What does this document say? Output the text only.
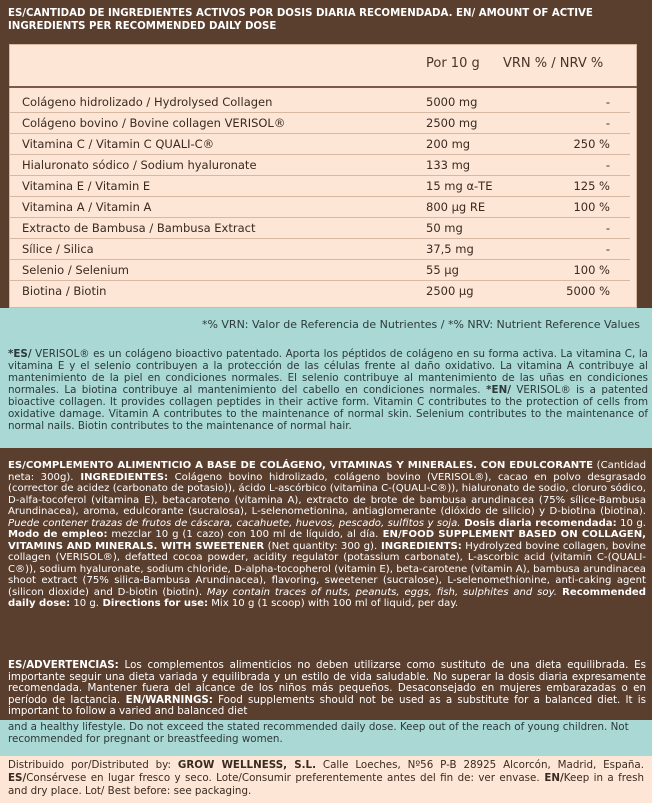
ES/CANTIDAD DE INGREDIENTES ACTIVOS POR DOSIS DIARIA RECOMENDADA. EN/ AMOUNT OF ACTIVE INGREDIENTS PER RECOMMENDED DAILY DOSE
Por 10 g VRN % / NRV %
Colágeno hidrolizado / Hydrolysed Collagen	5000 mg	-
Colágeno bovino / Bovine collagen VERISOL®	2500 mg	-
Vitamina C / Vitamin C QUALI-C®	200 mg	250 %
Hialuronato sódico / Sodium hyaluronate	133 mg	-
Vitamina E / Vitamin E	15 mg α-TE	125 %
Vitamina A / Vitamin A	800 µg RE	100 %
Extracto de Bambusa / Bambusa Extract	50 mg	-
Sílice / Silica	37,5 mg	-
Selenio / Selenium	55 µg	100 %
Biotina / Biotin	2500 µg	5000 %
*% VRN: Valor de Referencia de Nutrientes / *% NRV: Nutrient Reference Values
*ES/ VERISOL® es un colágeno bioactivo patentado. Aporta los péptidos de colágeno en su forma activa. La vitamina C, la vitamina E y el selenio contribuyen a la protección de las células frente al daño oxidativo. La vitamina A contribuye al mantenimiento de la piel en condiciones normales. El selenio contribuye al mantenimiento de las uñas en condiciones normales. La biotina contribuye al mantenimiento del cabello en condiciones normales. *EN/ VERISOL® is a patented bioactive collagen. It provides collagen peptides in their active form. Vitamin C contributes to the protection of cells from oxidative damage. Vitamin A contributes to the maintenance of normal skin. Selenium contributes to the maintenance of normal nails. Biotin contributes to the maintenance of normal hair.
ES/COMPLEMENTO ALIMENTICIO A BASE DE COLÁGENO, VITAMINAS Y MINERALES. CON EDULCORANTE (Cantidad neta: 300g). INGREDIENTES: Colágeno bovino hidrolizado, colágeno bovino (VERISOL®), cacao en polvo desgrasado (corrector de acidez (carbonato de potasio)), ácido L-ascórbico (vitamina C-(QUALI-C®)), hialuronato de sodio, cloruro sódico, D-alfa-tocoferol (vitamina E), betacaroteno (vitamina A), extracto de brote de bambusa arundinacea (75% sílice-Bambusa Arundinacea), aroma, edulcorante (sucralosa), L-selenometionina, antiaglomerante (dióxido de silicio) y D-biotina (biotina). Puede contener trazas de frutos de cáscara, cacahuete, huevos, pescado, sulfitos y soja. Dosis diaria recomendada: 10 g. Modo de empleo: mezclar 10 g (1 cazo) con 100 ml de líquido, al día. EN/FOOD SUPPLEMENT BASED ON COLLAGEN, VITAMINS AND MINERALS. WITH SWEETENER (Net quantity: 300 g). INGREDIENTS: Hydrolyzed bovine collagen, bovine collagen (VERISOL®), defatted cocoa powder, acidity regulator (potassium carbonate), L-ascorbic acid (vitamin C-(QUALI-C®)), sodium hyaluronate, sodium chloride, D-alpha-tocopherol (vitamin E), beta-carotene (vitamin A), bambusa arundinacea shoot extract (75% silica-Bambusa Arundinacea), flavoring, sweetener (sucralose), L-selenomethionine, anti-caking agent (silicon dioxide) and D-biotin (biotin). May contain traces of nuts, peanuts, eggs, fish, sulphites and soy. Recommended daily dose: 10 g. Directions for use: Mix 10 g (1 scoop) with 100 ml of liquid, per day.
ES/ADVERTENCIAS: Los complementos alimenticios no deben utilizarse como sustituto de una dieta equilibrada. Es importante seguir una dieta variada y equilibrada y un estilo de vida saludable. No superar la dosis diaria expresamente recomendada. Mantener fuera del alcance de los niños más pequeños. Desaconsejado en mujeres embarazadas o en período de lactancia. EN/WARNINGS: Food supplements should not be used as a substitute for a balanced diet. It is important to follow a varied and balanced diet
and a healthy lifestyle. Do not exceed the stated recommended daily dose. Keep out of the reach of young children. Not recommended for pregnant or breastfeeding women.
Distribuido por/Distributed by: GROW WELLNESS, S.L. Calle Loeches, Nº56 P-B 28925 Alcorcón, Madrid, España. ES/Consérvese en lugar fresco y seco. Lote/Consumir preferentemente antes del fin de: ver envase. EN/Keep in a fresh and dry place. Lot/ Best before: see packaging.
